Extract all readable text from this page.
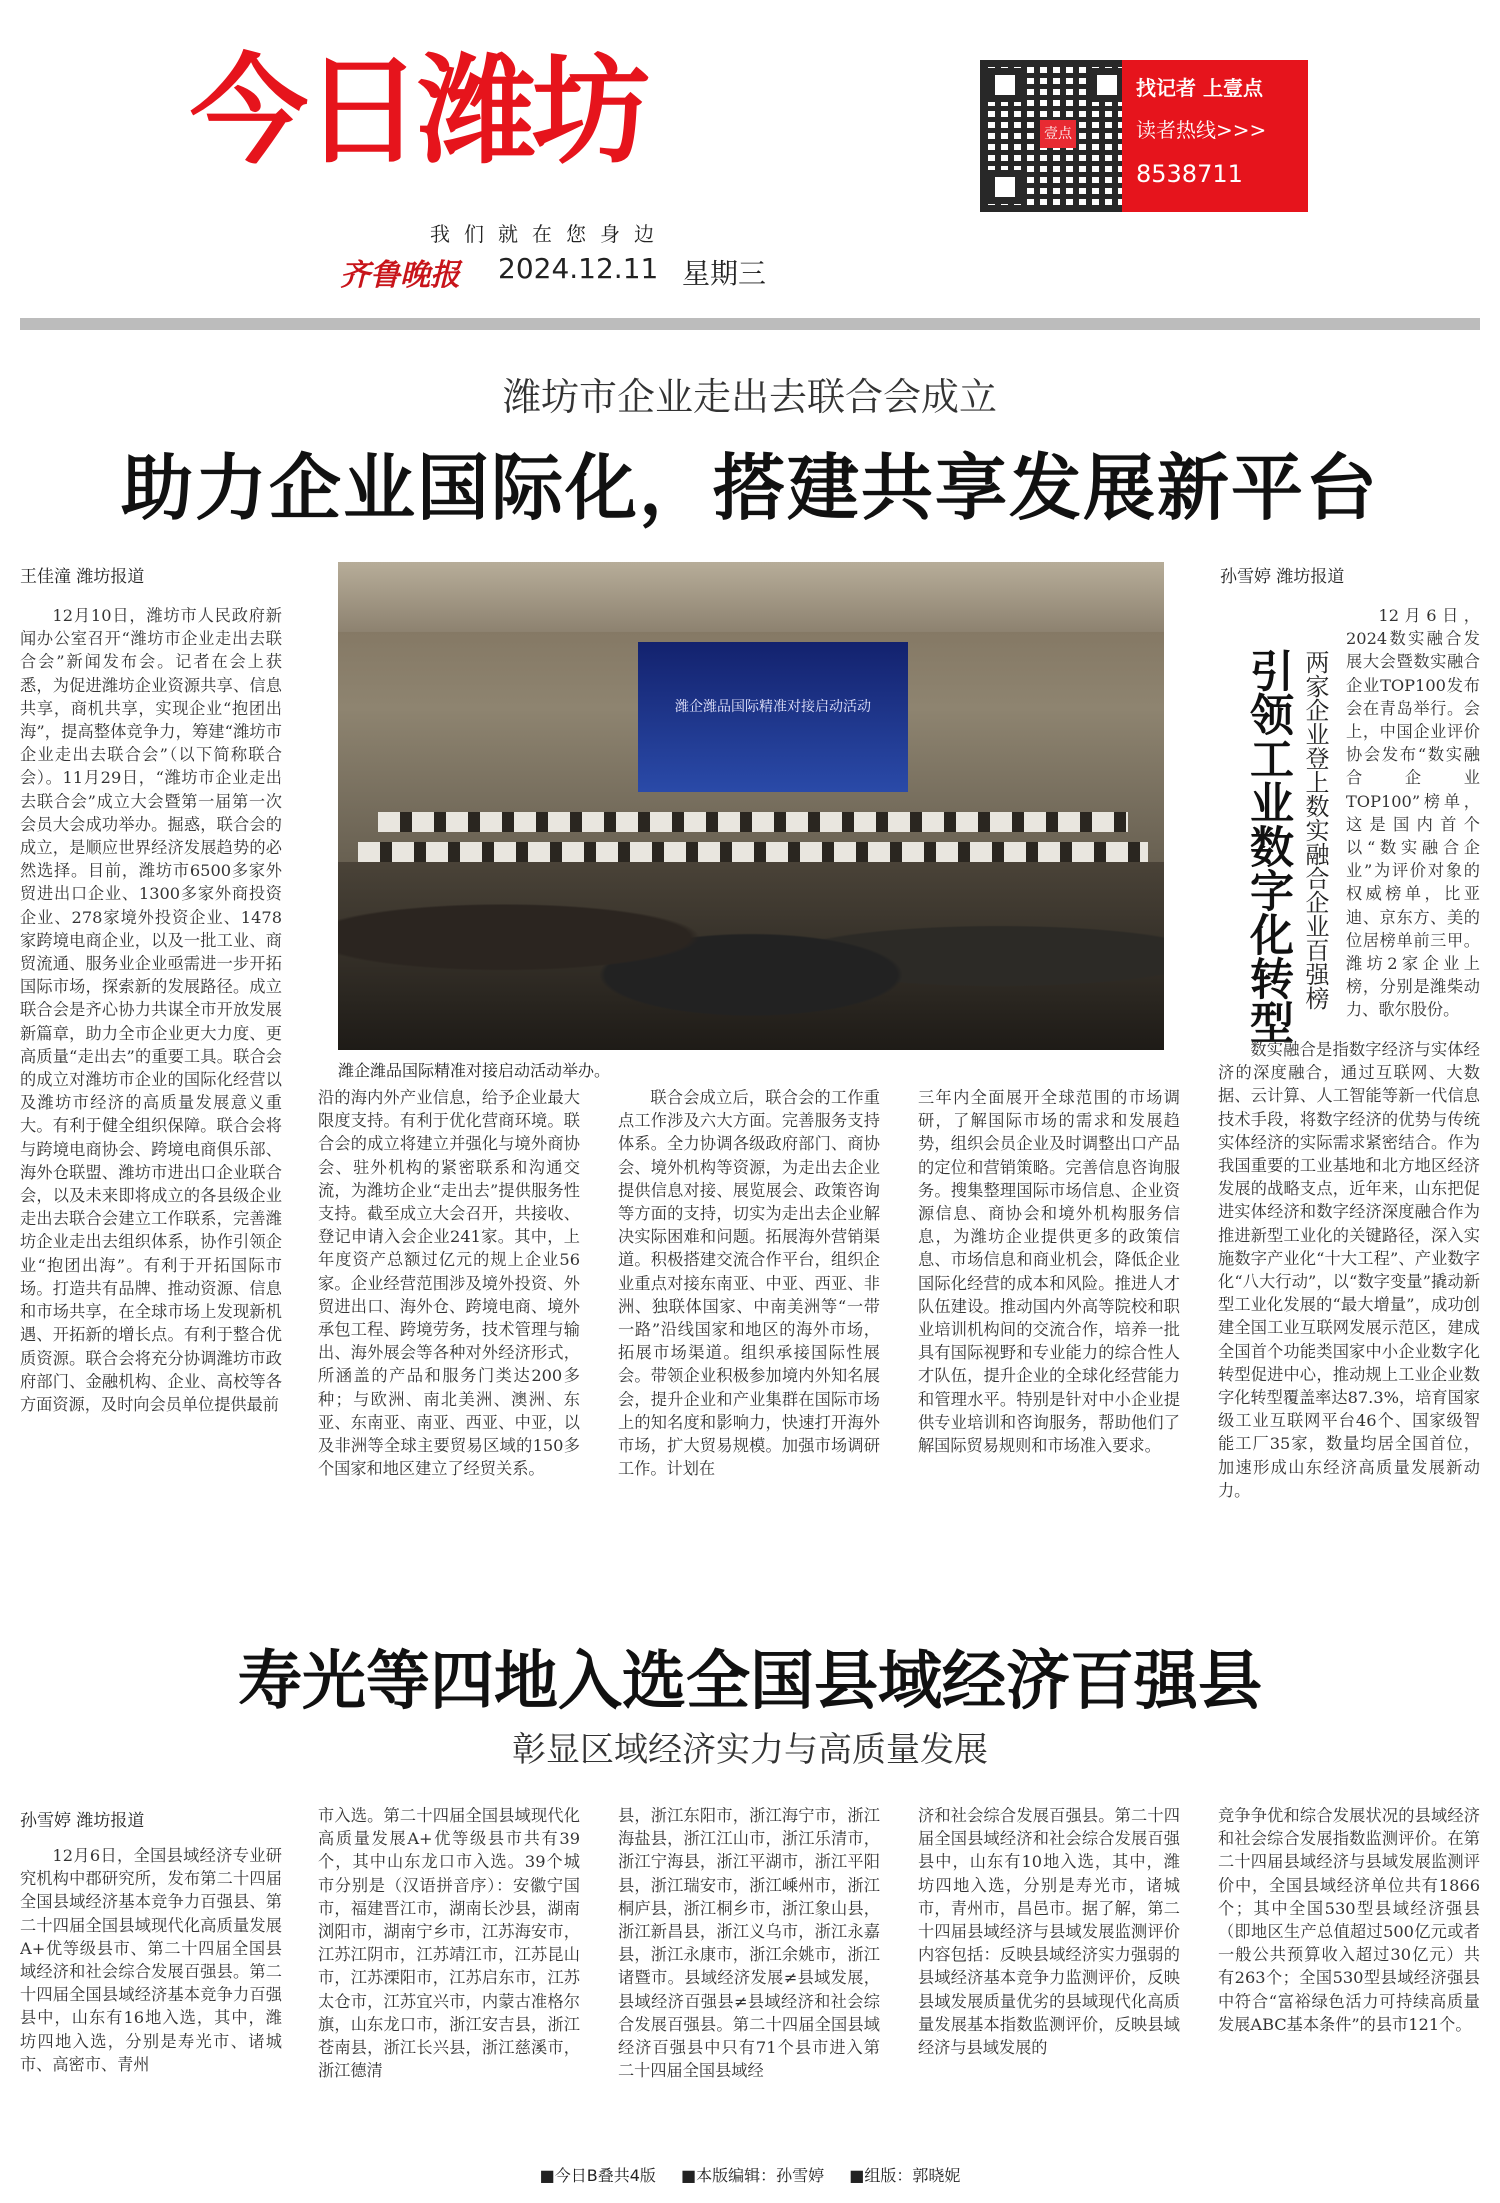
今日潍坊
我们就在您身边
齐鲁晚报 2024.12.11 星期三
壹点
找记者 上壹点
读者热线>>>
8538711
潍坊市企业走出去联合会成立
助力企业国际化，搭建共享发展新平台
王佳潼 潍坊报道

12月10日，潍坊市人民政府新闻办公室召开“潍坊市企业走出去联合会”新闻发布会。记者在会上获悉，为促进潍坊企业资源共享、信息共享，商机共享，实现企业“抱团出海”，提高整体竞争力，筹建“潍坊市企业走出去联合会”（以下简称联合会）。11月29日，“潍坊市企业走出去联合会”成立大会暨第一届第一次会员大会成功举办。掘惑，联合会的成立，是顺应世界经济发展趋势的必然选择。目前，潍坊市6500多家外贸进出口企业、1300多家外商投资企业、278家境外投资企业、1478家跨境电商企业，以及一批工业、商贸流通、服务业企业亟需进一步开拓国际市场，探索新的发展路径。成立联合会是齐心协力共谋全市开放发展新篇章，助力全市企业更大力度、更高质量“走出去”的重要工具。联合会的成立对潍坊市企业的国际化经营以及潍坊市经济的高质量发展意义重大。有利于健全组织保障。联合会将与跨境电商协会、跨境电商俱乐部、海外仓联盟、潍坊市进出口企业联合会，以及未来即将成立的各县级企业走出去联合会建立工作联系，完善潍坊企业走出去组织体系，协作引领企业“抱团出海”。有利于开拓国际市场。打造共有品牌、推动资源、信息和市场共享，在全球市场上发现新机遇、开拓新的增长点。有利于整合优质资源。联合会将充分协调潍坊市政府部门、金融机构、企业、高校等各方面资源，及时向会员单位提供最前

潍企潍品国际精准对接启动活动
潍企潍品国际精准对接启动活动举办。

沿的海内外产业信息，给予企业最大限度支持。有利于优化营商环境。联合会的成立将建立并强化与境外商协会、驻外机构的紧密联系和沟通交流，为潍坊企业“走出去”提供服务性支持。截至成立大会召开，共接收、登记申请入会企业241家。其中，上年度资产总额过亿元的规上企业56家。企业经营范围涉及境外投资、外贸进出口、海外仓、跨境电商、境外承包工程、跨境劳务，技术管理与输出、海外展会等各种对外经济形式，所涵盖的产品和服务门类达200多种；与欧洲、南北美洲、澳洲、东亚、东南亚、南亚、西亚、中亚，以及非洲等全球主要贸易区域的150多个国家和地区建立了经贸关系。

联合会成立后，联合会的工作重点工作涉及六大方面。完善服务支持体系。全力协调各级政府部门、商协会、境外机构等资源，为走出去企业提供信息对接、展览展会、政策咨询等方面的支持，切实为走出去企业解决实际困难和问题。拓展海外营销渠道。积极搭建交流合作平台，组织企业重点对接东南亚、中亚、西亚、非洲、独联体国家、中南美洲等“一带一路”沿线国家和地区的海外市场，拓展市场渠道。组织承接国际性展会。带领企业积极参加境内外知名展会，提升企业和产业集群在国际市场上的知名度和影响力，快速打开海外市场，扩大贸易规模。加强市场调研工作。计划在

三年内全面展开全球范围的市场调研，了解国际市场的需求和发展趋势，组织会员企业及时调整出口产品的定位和营销策略。完善信息咨询服务。搜集整理国际市场信息、企业资源信息、商协会和境外机构服务信息，为潍坊企业提供更多的政策信息、市场信息和商业机会，降低企业国际化经营的成本和风险。推进人才队伍建设。推动国内外高等院校和职业培训机构间的交流合作，培养一批具有国际视野和专业能力的综合性人才队伍，提升企业的全球化经营能力和管理水平。特别是针对中小企业提供专业培训和咨询服务，帮助他们了解国际贸易规则和市场准入要求。

孙雪婷 潍坊报道
引领工业数字化转型 两家企业登上数实融合企业百强榜

12月6日，2024数实融合发展大会暨数实融合企业TOP100发布会在青岛举行。会上，中国企业评价协会发布“数实融合企业TOP100”榜单，这是国内首个以“数实融合企业”为评价对象的权威榜单，比亚迪、京东方、美的位居榜单前三甲。潍坊2家企业上榜，分别是潍柴动力、歌尔股份。

数实融合是指数字经济与实体经济的深度融合，通过互联网、大数据、云计算、人工智能等新一代信息技术手段，将数字经济的优势与传统实体经济的实际需求紧密结合。作为我国重要的工业基地和北方地区经济发展的战略支点，近年来，山东把促进实体经济和数字经济深度融合作为推进新型工业化的关键路径，深入实施数字产业化“十大工程”、产业数字化“八大行动”，以“数字变量”撬动新型工业化发展的“最大增量”，成功创建全国工业互联网发展示范区，建成全国首个功能类国家中小企业数字化转型促进中心，推动规上工业企业数字化转型覆盖率达87.3%，培育国家级工业互联网平台46个、国家级智能工厂35家，数量均居全国首位，加速形成山东经济高质量发展新动力。

寿光等四地入选全国县域经济百强县
彰显区域经济实力与高质量发展
孙雪婷 潍坊报道

12月6日，全国县域经济专业研究机构中郡研究所，发布第二十四届全国县域经济基本竞争力百强县、第二十四届全国县域现代化高质量发展A+优等级县市、第二十四届全国县域经济和社会综合发展百强县。第二十四届全国县域经济基本竞争力百强县中，山东有16地入选，其中，潍坊四地入选，分别是寿光市、诸城市、高密市、青州

市入选。第二十四届全国县域现代化高质量发展A+优等级县市共有39个，其中山东龙口市入选。39个城市分别是（汉语拼音序）：安徽宁国市，福建晋江市，湖南长沙县，湖南浏阳市，湖南宁乡市，江苏海安市，江苏江阴市，江苏靖江市，江苏昆山市，江苏溧阳市，江苏启东市，江苏太仓市，江苏宜兴市，内蒙古准格尔旗，山东龙口市，浙江安吉县，浙江苍南县，浙江长兴县，浙江慈溪市，浙江德清

县，浙江东阳市，浙江海宁市，浙江海盐县，浙江江山市，浙江乐清市，浙江宁海县，浙江平湖市，浙江平阳县，浙江瑞安市，浙江嵊州市，浙江桐庐县，浙江桐乡市，浙江象山县，浙江新昌县，浙江义乌市，浙江永嘉县，浙江永康市，浙江余姚市，浙江诸暨市。县域经济发展≠县域发展，县域经济百强县≠县域经济和社会综合发展百强县。第二十四届全国县域经济百强县中只有71个县市进入第二十四届全国县域经

济和社会综合发展百强县。第二十四届全国县域经济和社会综合发展百强县中，山东有10地入选，其中，潍坊四地入选，分别是寿光市，诸城市，青州市，昌邑市。据了解，第二十四届县域经济与县域发展监测评价内容包括：反映县域经济实力强弱的县域经济基本竞争力监测评价，反映县域发展质量优劣的县域现代化高质量发展基本指数监测评价，反映县域经济与县域发展的

竞争争优和综合发展状况的县域经济和社会综合发展指数监测评价。在第二十四届县域经济与县域发展监测评价中，全国县域经济单位共有1866个；其中全国530型县域经济强县（即地区生产总值超过500亿元或者一般公共预算收入超过30亿元）共有263个；全国530型县域经济强县中符合“富裕绿色活力可持续高质量发展ABC基本条件”的县市121个。

■今日B叠共4版 ■本版编辑：孙雪婷 ■组版：郭晓妮
